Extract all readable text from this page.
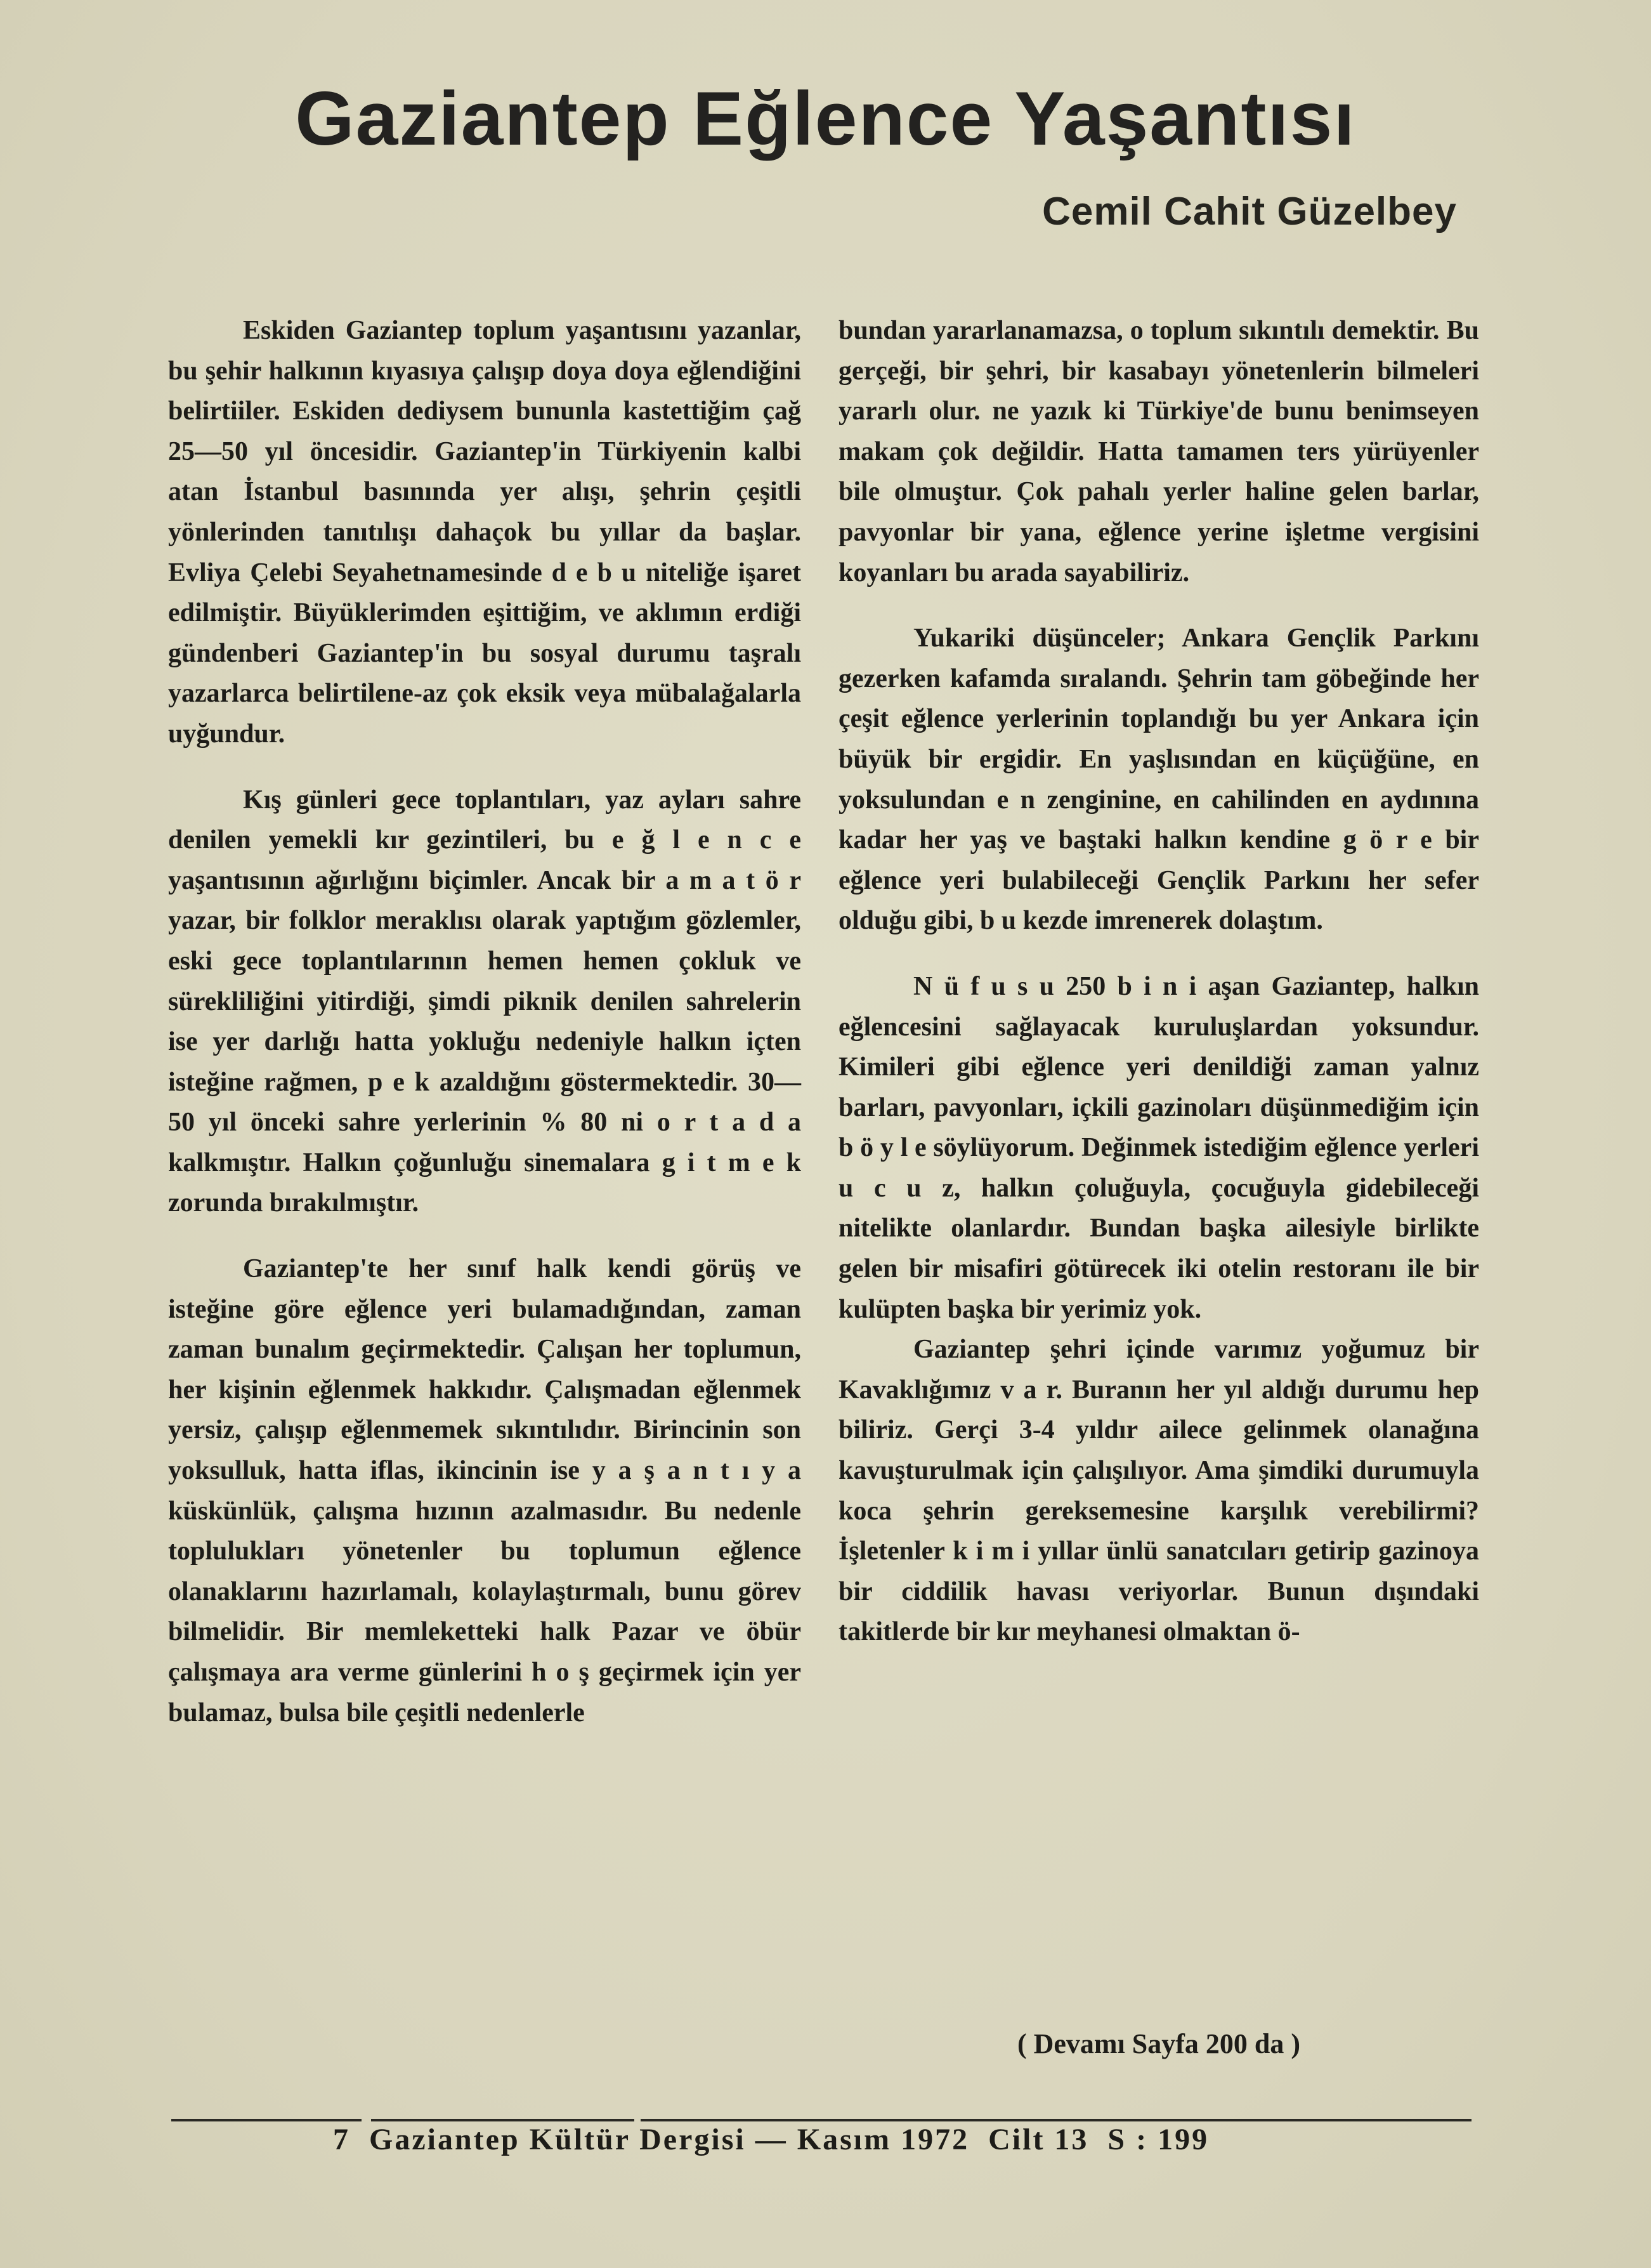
Gaziantep Eğlence Yaşantısı
Cemil Cahit Güzelbey

Eskiden Gaziantep toplum yaşantısını yazanlar, bu şehir halkının kıyasıya çalışıp doya doya eğlendiğini belirtiiler. Eskiden dediysem bununla kastettiğim çağ 25—50 yıl öncesidir. Gaziantep'in Türkiyenin kalbi atan İstanbul basınında yer alışı, şehrin çeşitli yönlerinden tanıtılışı dahaçok bu yıllar da başlar. Evliya Çelebi Seyahetnamesinde d e b u niteliğe işaret edilmiştir. Büyüklerimden eşittiğim, ve aklımın erdiği gündenberi Gaziantep'in bu sosyal durumu taşralı yazarlarca belirtilene-az çok eksik veya mübalağalarla uyğundur.

Kış günleri gece toplantıları, yaz ayları sahre denilen yemekli kır gezintileri, bu e ğ l e n c e yaşantısının ağırlığını biçimler. Ancak bir a m a t ö r yazar, bir folklor meraklısı olarak yaptığım gözlemler, eski gece toplantılarının hemen hemen çokluk ve sürekliliğini yitirdiği, şimdi piknik denilen sahrelerin ise yer darlığı hatta yokluğu nedeniyle halkın içten isteğine rağmen, p e k azaldığını göstermektedir. 30—50 yıl önceki sahre yerlerinin % 80 ni o r t a d a kalkmıştır. Halkın çoğunluğu sinemalara g i t m e k zorunda bırakılmıştır.

Gaziantep'te her sınıf halk kendi görüş ve isteğine göre eğlence yeri bulamadığından, zaman zaman bunalım geçirmektedir. Çalışan her toplumun, her kişinin eğlenmek hakkıdır. Çalışmadan eğlenmek yersiz, çalışıp eğlenmemek sıkıntılıdır. Birincinin son yoksulluk, hatta iflas, ikincinin ise y a ş a n t ı y a küskünlük, çalışma hızının azalmasıdır. Bu nedenle toplulukları yönetenler bu toplumun eğlence olanaklarını hazırlamalı, kolaylaştırmalı, bunu görev bilmelidir. Bir memleketteki halk Pazar ve öbür çalışmaya ara verme günlerini h o ş geçirmek için yer bulamaz, bulsa bile çeşitli nedenlerle

bundan yararlanamazsa, o toplum sıkıntılı demektir. Bu gerçeği, bir şehri, bir kasabayı yönetenlerin bilmeleri yararlı olur. ne yazık ki Türkiye'de bunu benimseyen makam çok değildir. Hatta tamamen ters yürüyenler bile olmuştur. Çok pahalı yerler haline gelen barlar, pavyonlar bir yana, eğlence yerine işletme vergisini koyanları bu arada sayabiliriz.

Yukariki düşünceler; Ankara Gençlik Parkını gezerken kafamda sıralandı. Şehrin tam göbeğinde her çeşit eğlence yerlerinin toplandığı bu yer Ankara için büyük bir ergidir. En yaşlısından en küçüğüne, en yoksulundan e n zenginine, en cahilinden en aydınına kadar her yaş ve baştaki halkın kendine g ö r e bir eğlence yeri bulabileceği Gençlik Parkını her sefer olduğu gibi, b u kezde imrenerek dolaştım.

N ü f u s u 250 b i n i aşan Gaziantep, halkın eğlencesini sağlayacak kuruluşlardan yoksundur. Kimileri gibi eğlence yeri denildiği zaman yalnız barları, pavyonları, içkili gazinoları düşünmediğim için b ö y l e söylüyorum. Değinmek istediğim eğlence yerleri u c u z, halkın çoluğuyla, çocuğuyla gidebileceği nitelikte olanlardır. Bundan başka ailesiyle birlikte gelen bir misafiri götürecek iki otelin restoranı ile bir kulüpten başka bir yerimiz yok.

Gaziantep şehri içinde varımız yoğumuz bir Kavaklığımız v a r. Buranın her yıl aldığı durumu hep biliriz. Gerçi 3-4 yıldır ailece gelinmek olanağına kavuşturulmak için çalışılıyor. Ama şimdiki durumuyla koca şehrin gereksemesine karşılık verebilirmi? İşletenler k i m i yıllar ünlü sanatcıları getirip gazinoya bir ciddilik havası veriyorlar. Bunun dışındaki takitlerde bir kır meyhanesi olmaktan ö-

( Devamı Sayfa 200 da )
7  Gaziantep Kültür Dergisi — Kasım 1972  Cilt 13  S : 199
